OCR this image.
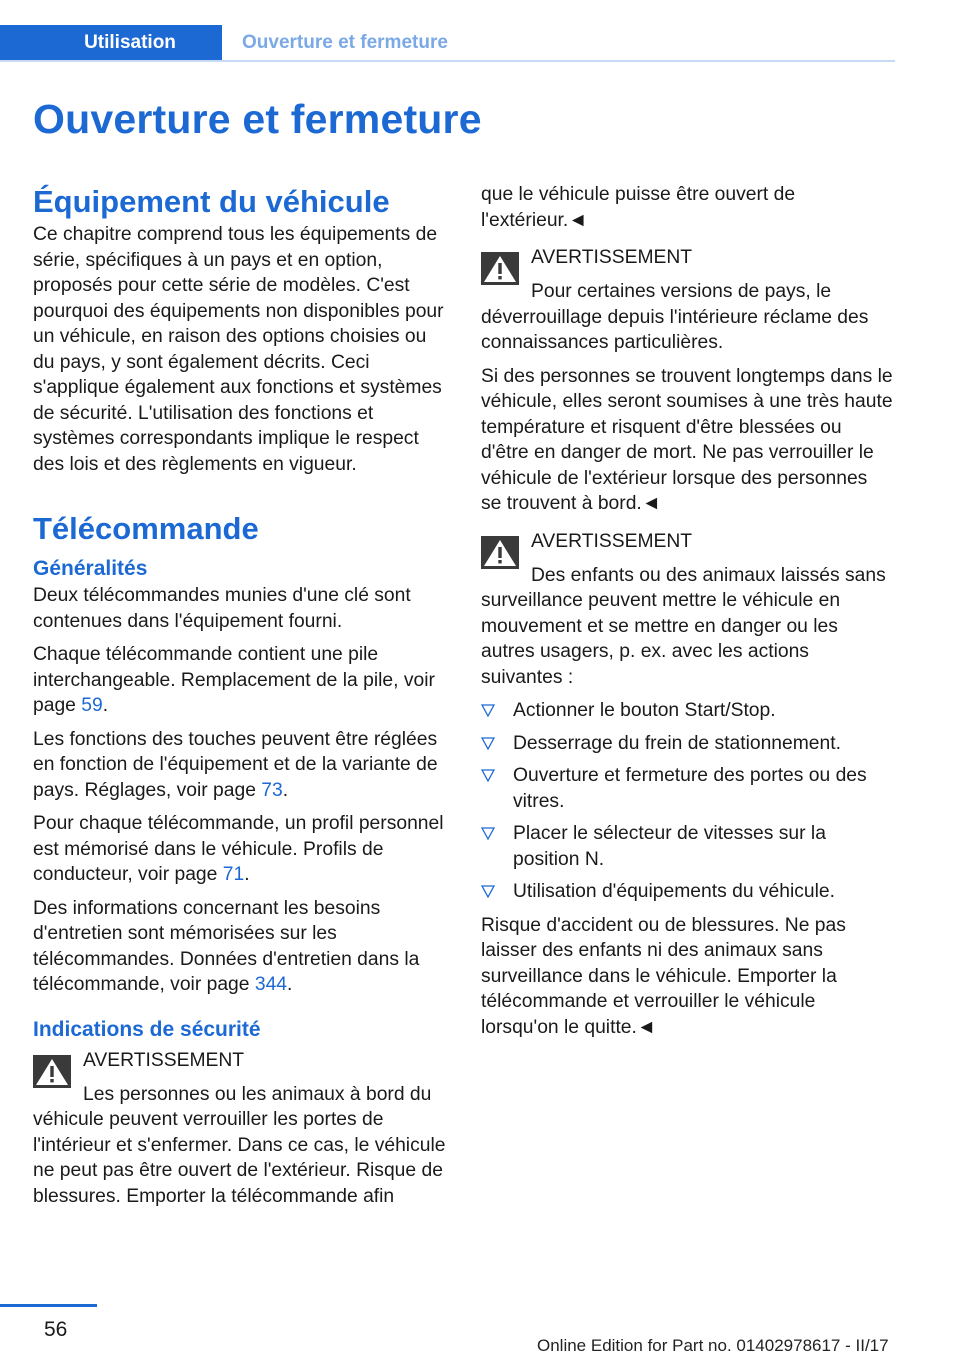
Utilisation	Ouverture et fermeture
Ouverture et fermeture
Équipement du véhicule

Ce chapitre comprend tous les équipements de série, spécifiques à un pays et en option, proposés pour cette série de modèles. C'est pourquoi des équipements non disponibles pour un véhicule, en raison des options choisies ou du pays, y sont également décrits. Ceci s'applique également aux fonctions et systèmes de sécurité. L'utilisation des fonctions et systèmes correspondants implique le respect des lois et des règlements en vigueur.

Télécommande
Généralités

Deux télécommandes munies d'une clé sont contenues dans l'équipement fourni.

Chaque télécommande contient une pile interchangeable. Remplacement de la pile, voir page 59.

Les fonctions des touches peuvent être réglées en fonction de l'équipement et de la variante de pays. Réglages, voir page 73.

Pour chaque télécommande, un profil personnel est mémorisé dans le véhicule. Profils de conducteur, voir page 71.

Des informations concernant les besoins d'entretien sont mémorisées sur les télécommandes. Données d'entretien dans la télécommande, voir page 344.

Indications de sécurité
AVERTISSEMENT
Les personnes ou les animaux à bord du véhicule peuvent verrouiller les portes de l'intérieur et s'enfermer. Dans ce cas, le véhicule ne peut pas être ouvert de l'extérieur. Risque de blessures. Emporter la télécommande afin

que le véhicule puisse être ouvert de l'extérieur.◄

AVERTISSEMENT
Pour certaines versions de pays, le déverrouillage depuis l'intérieure réclame des connaissances particulières.

Si des personnes se trouvent longtemps dans le véhicule, elles seront soumises à une très haute température et risquent d'être blessées ou d'être en danger de mort. Ne pas verrouiller le véhicule de l'extérieur lorsque des personnes se trouvent à bord.◄

AVERTISSEMENT
Des enfants ou des animaux laissés sans surveillance peuvent mettre le véhicule en mouvement et se mettre en danger ou les autres usagers, p. ex. avec les actions suivantes :
Actionner le bouton Start/Stop.
Desserrage du frein de stationnement.
Ouverture et fermeture des portes ou des vitres.
Placer le sélecteur de vitesses sur la position N.
Utilisation d'équipements du véhicule.

Risque d'accident ou de blessures. Ne pas laisser des enfants ni des animaux sans surveillance dans le véhicule. Emporter la télécommande et verrouiller le véhicule lorsqu'on le quitte.◄

56
Online Edition for Part no. 01402978617 - II/17
